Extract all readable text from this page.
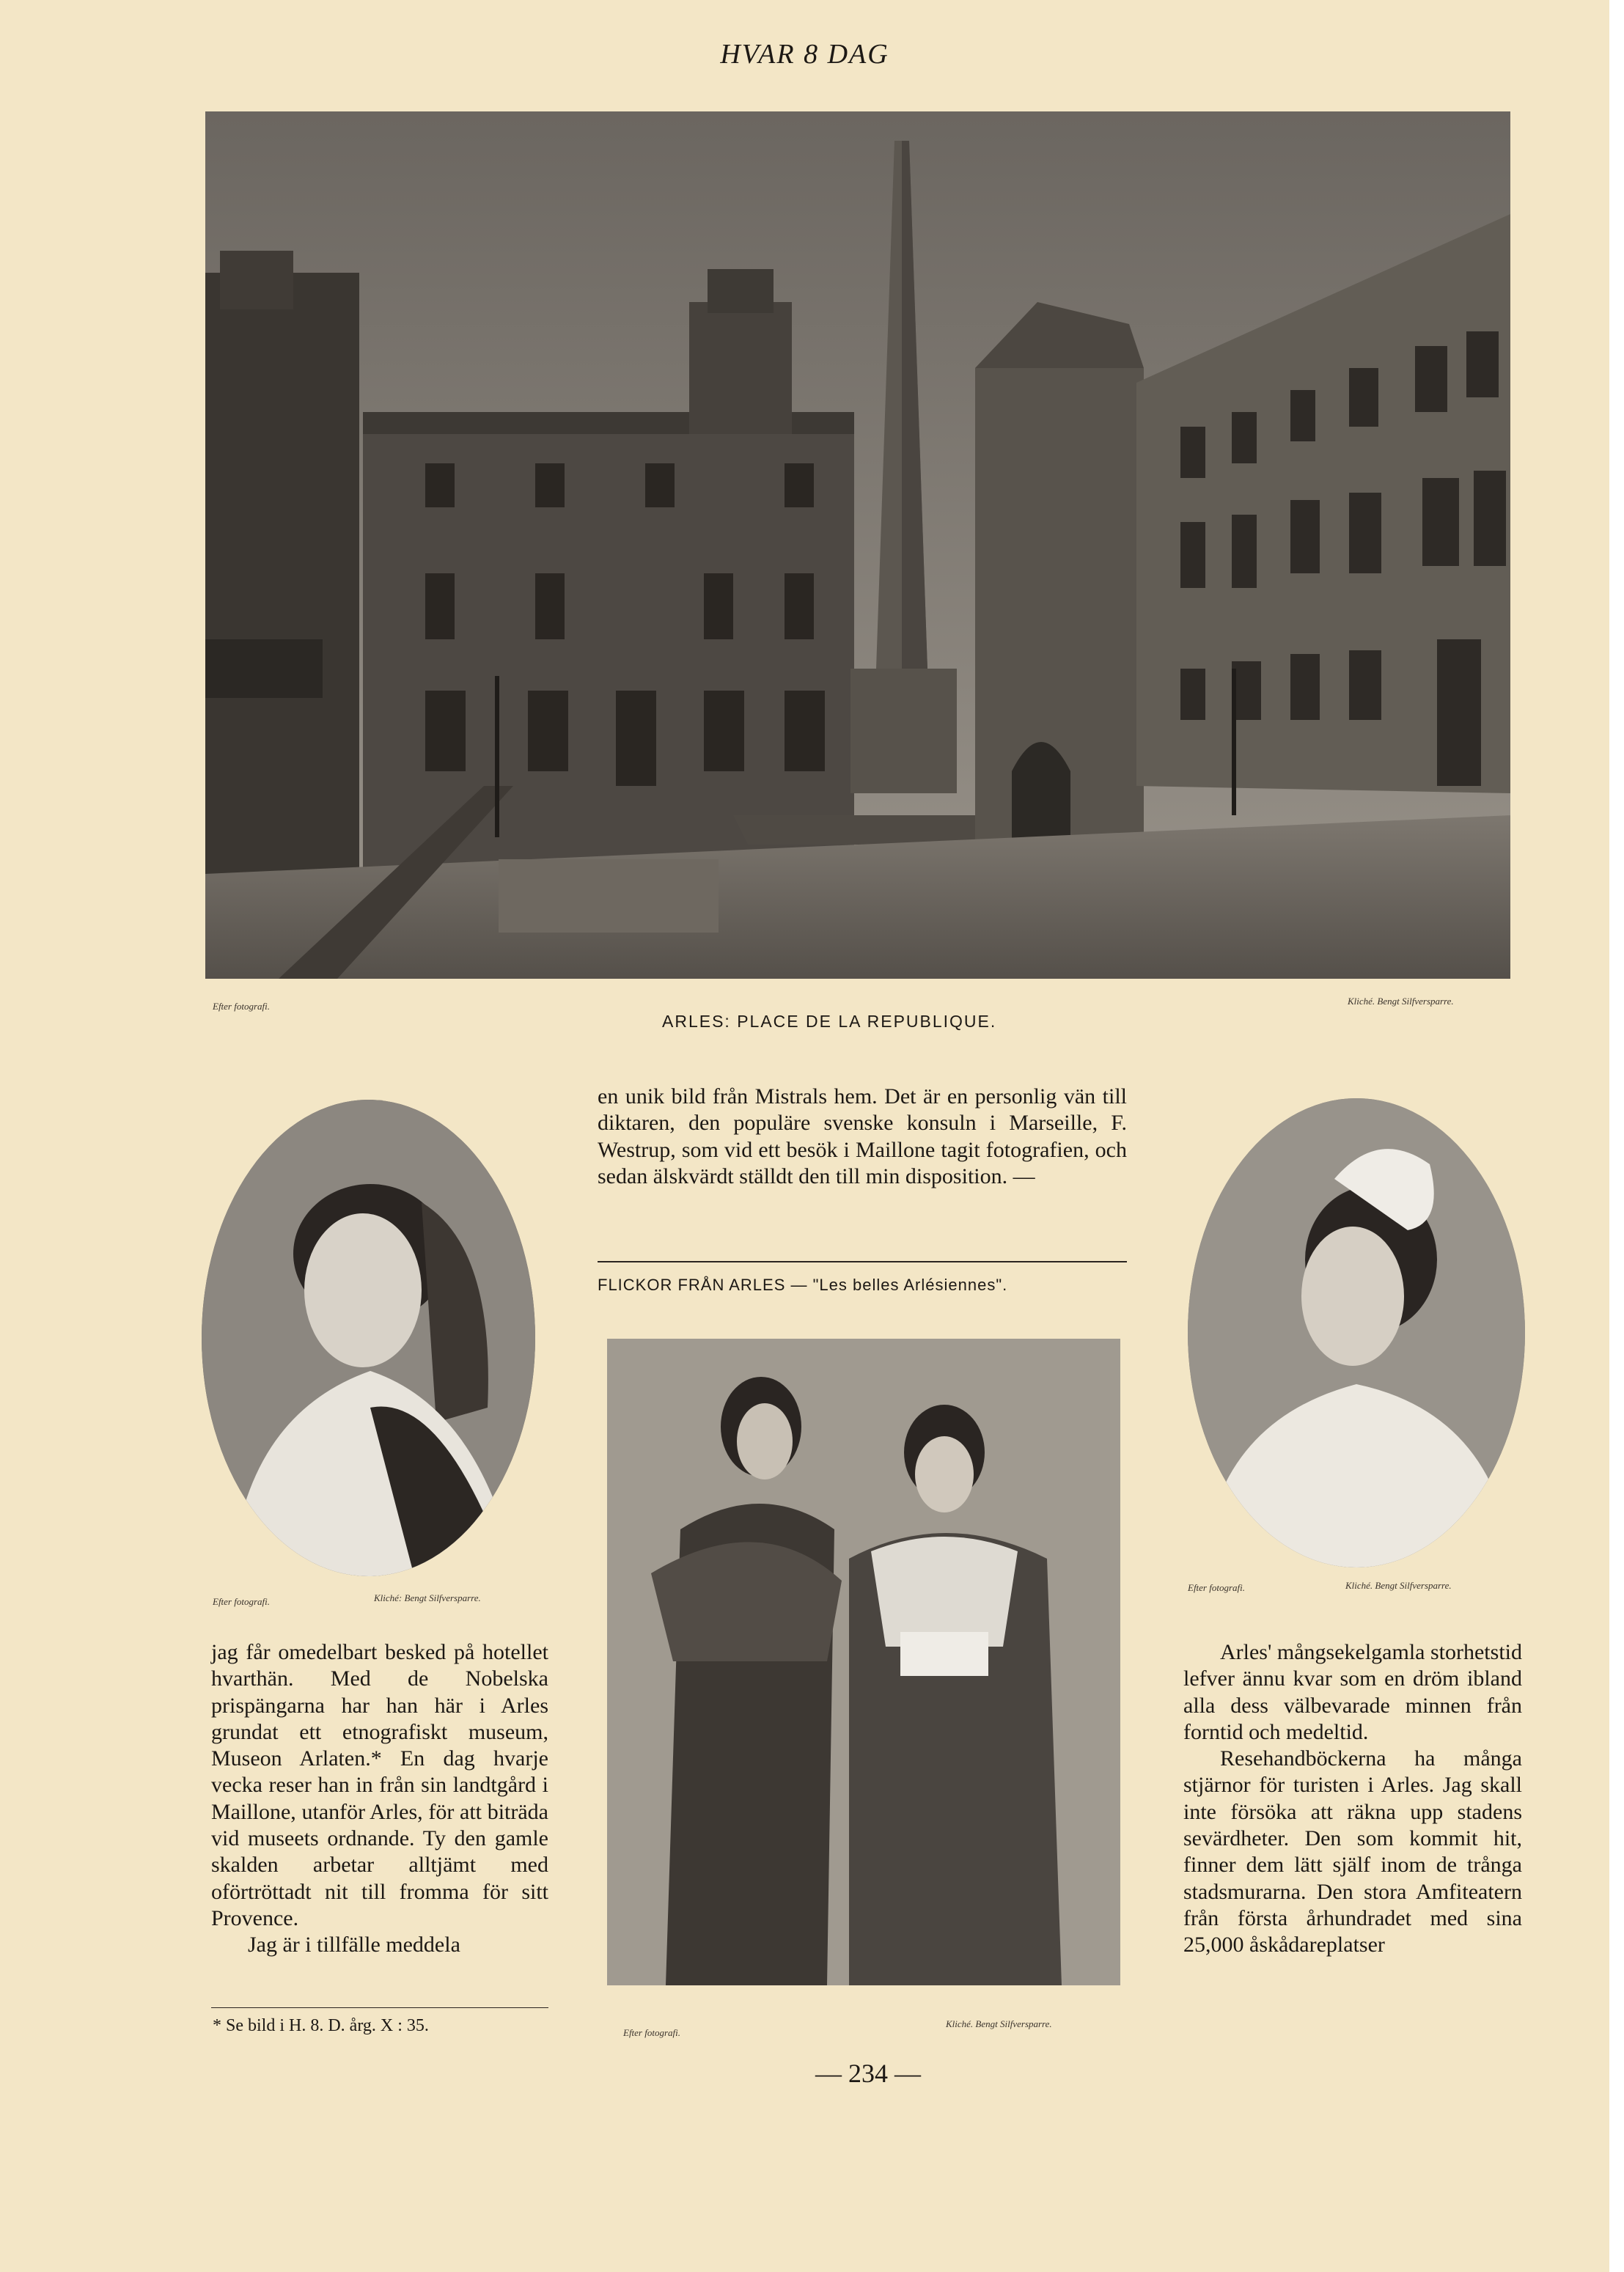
HVAR 8 DAG
Efter fotografi.	Kliché. Bengt Silfversparre.
ARLES: PLACE DE LA REPUBLIQUE.
Efter fotografi.	Kliché: Bengt Silfversparre.
Efter fotografi.	Kliché. Bengt Silfversparre.

en unik bild från Mistrals hem. Det är en personlig vän till diktaren, den populäre svenske konsuln i Marseille, F. Westrup, som vid ett besök i Maillone tagit fotografien, och sedan älskvärdt ställdt den till min disposition. —

FLICKOR FRÅN ARLES — "Les belles Arlésiennes".
Efter fotografi.
Kliché. Bengt Silfversparre.

jag får omedelbart besked på hotellet hvarthän. Med de Nobelska prispängarna har han här i Arles grundat ett etnografiskt museum, Museon Arlaten.* En dag hvarje vecka reser han in från sin landtgård i Maillone, utanför Arles, för att biträda vid museets ordnande. Ty den gamle skalden arbetar alltjämt med oförtröttadt nit till fromma för sitt Provence.

Jag är i tillfälle meddela

* Se bild i H. 8. D. årg. X : 35.

Arles' mångsekelgamla storhetstid lefver ännu kvar som en dröm ibland alla dess välbevarade minnen från forntid och medeltid.

Resehandböckerna ha många stjärnor för turisten i Arles. Jag skall inte försöka att räkna upp stadens sevärdheter. Den som kommit hit, finner dem lätt själf inom de trånga stadsmurarna. Den stora Amfiteatern från första århundradet med sina 25,000 åskådareplatser

— 234 —
